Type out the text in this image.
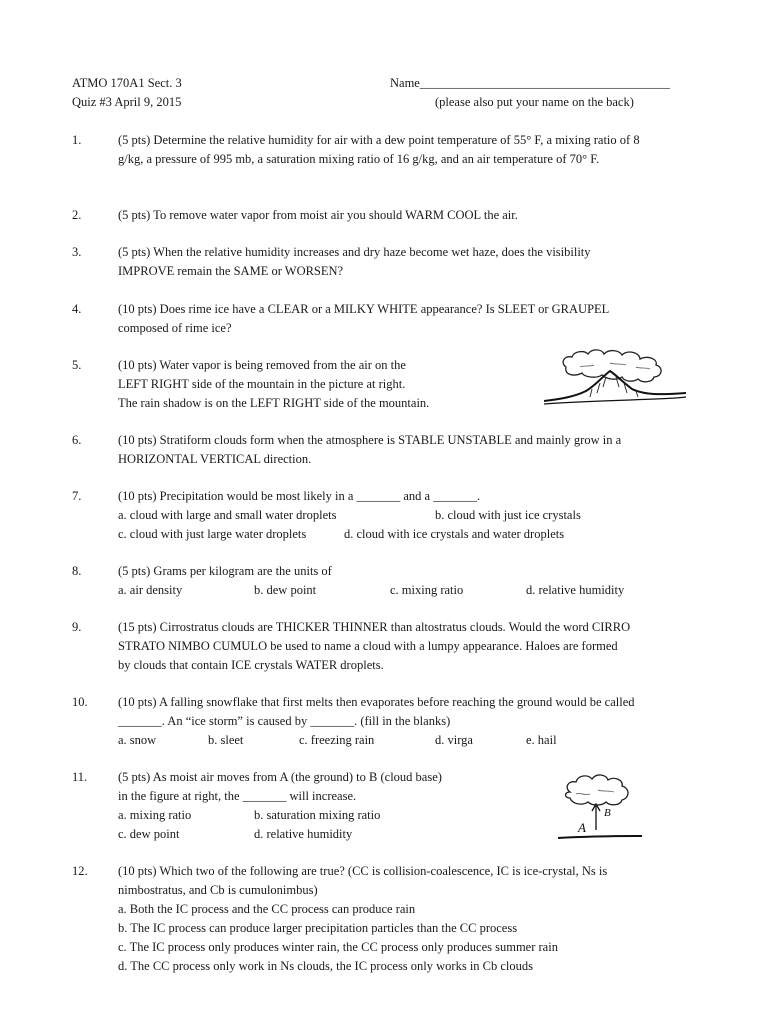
ATMO 170A1 Sect. 3
Quiz #3 April 9, 2015
Name________________________________________
(please also put your name on the back)
1.	(5 pts) Determine the relative humidity for air with a dew point temperature of 55° F, a mixing ratio of 8
g/kg, a pressure of 995 mb, a saturation mixing ratio of 16 g/kg, and an air temperature of 70° F.
2.	(5 pts) To remove water vapor from moist air you should WARM COOL the air.
3.	(5 pts) When the relative humidity increases and dry haze become wet haze, does the visibility
IMPROVE remain the SAME or WORSEN?
4.	(10 pts) Does rime ice have a CLEAR or a MILKY WHITE appearance? Is SLEET or GRAUPEL
composed of rime ice?
5.	(10 pts) Water vapor is being removed from the air on the
LEFT RIGHT side of the mountain in the picture at right.
The rain shadow is on the LEFT RIGHT side of the mountain.
6.	(10 pts) Stratiform clouds form when the atmosphere is STABLE UNSTABLE and mainly grow in a
HORIZONTAL VERTICAL direction.
7.	(10 pts) Precipitation would be most likely in a _______ and a _______.
a. cloud with large and small water droplets	b. cloud with just ice crystals
c. cloud with just large water droplets	d. cloud with ice crystals and water droplets
8.	(5 pts) Grams per kilogram are the units of
a. air density	b. dew point	c. mixing ratio	d. relative humidity
9.	(15 pts) Cirrostratus clouds are THICKER THINNER than altostratus clouds. Would the word CIRRO
STRATO NIMBO CUMULO be used to name a cloud with a lumpy appearance. Haloes are formed
by clouds that contain ICE crystals WATER droplets.
10. (10 pts) A falling snowflake that first melts then evaporates before reaching the ground would be called
_______. An “ice storm” is caused by _______. (fill in the blanks)
a. snow	b. sleet	c. freezing rain	d. virga	e. hail
11. (5 pts) As moist air moves from A (the ground) to B (cloud base)
in the figure at right, the _______ will increase.
a. mixing ratio	b. saturation mixing ratio
c. dew point	d. relative humidity
B
A
12. (10 pts) Which two of the following are true? (CC is collision-coalescence, IC is ice-crystal, Ns is
nimbostratus, and Cb is cumulonimbus)
a. Both the IC process and the CC process can produce rain
b. The IC process can produce larger precipitation particles than the CC process
c. The IC process only produces winter rain, the CC process only produces summer rain
d. The CC process only work in Ns clouds, the IC process only works in Cb clouds
